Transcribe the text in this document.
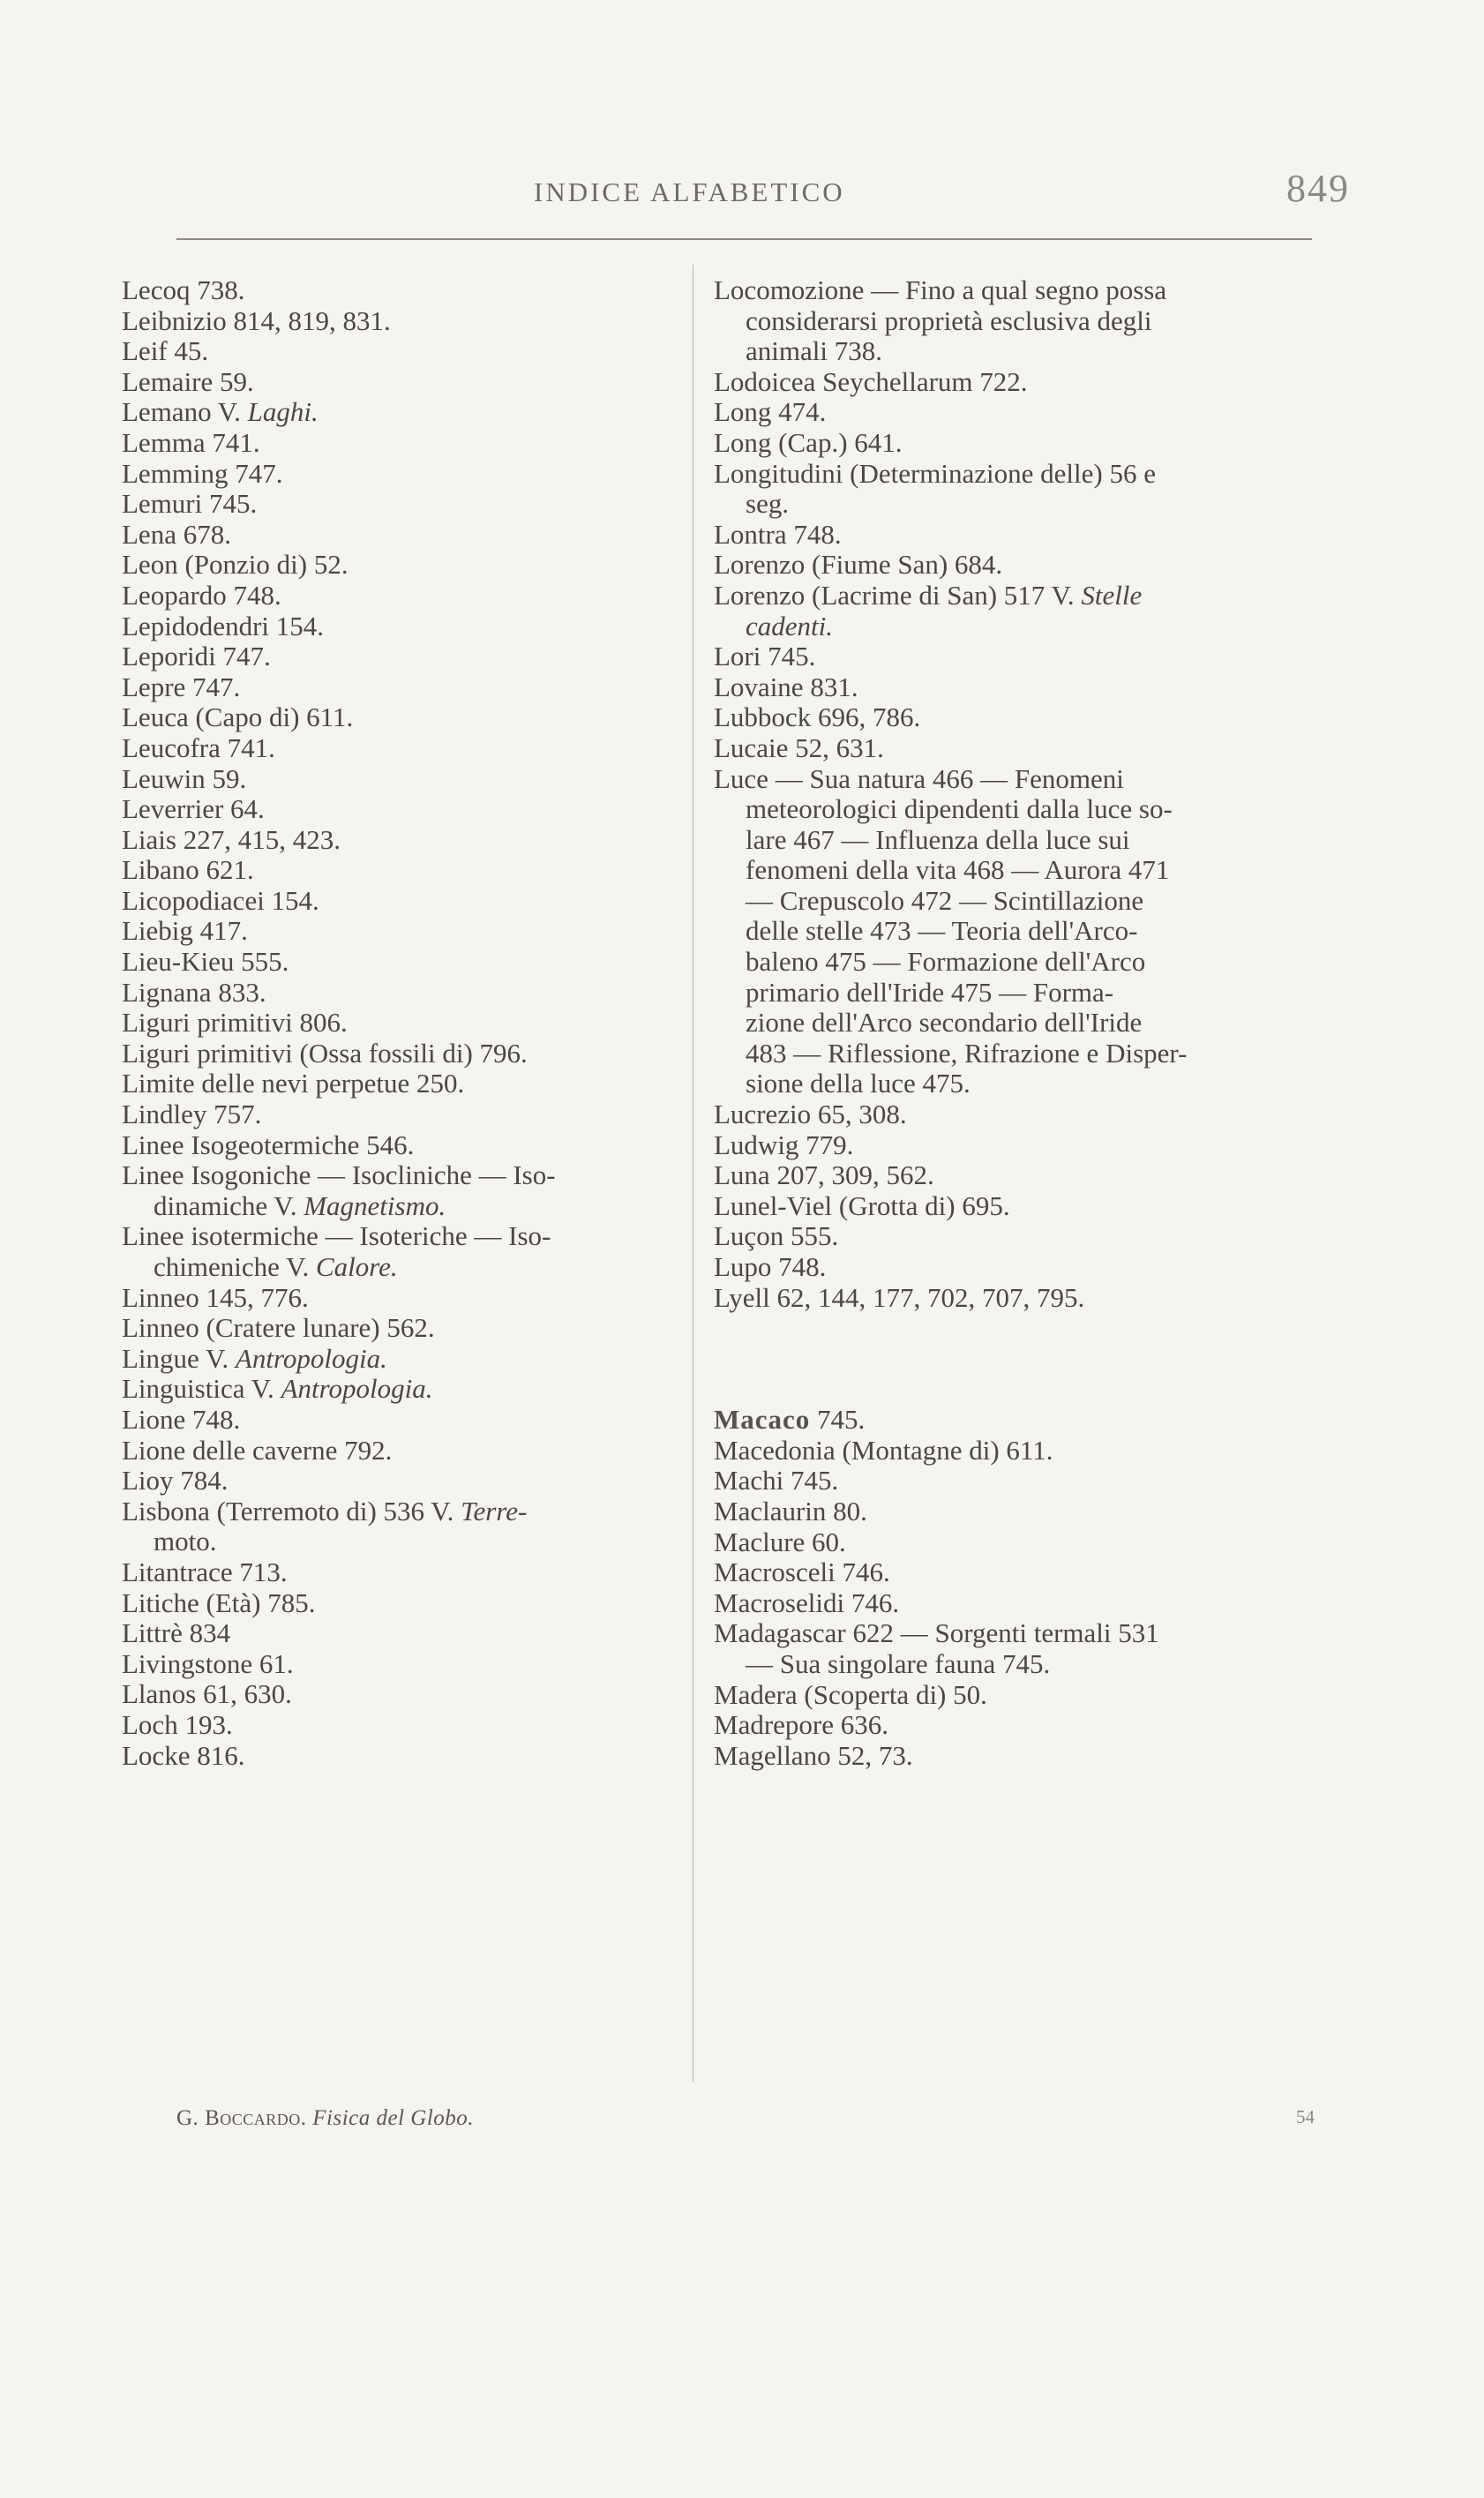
INDICE ALFABETICO	849
Lecoq 738.
Leibnizio 814, 819, 831.
Leif 45.
Lemaire 59.
Lemano V. Laghi.
Lemma 741.
Lemming 747.
Lemuri 745.
Lena 678.
Leon (Ponzio di) 52.
Leopardo 748.
Lepidodendri 154.
Leporidi 747.
Lepre 747.
Leuca (Capo di) 611.
Leucofra 741.
Leuwin 59.
Leverrier 64.
Liais 227, 415, 423.
Libano 621.
Licopodiacei 154.
Liebig 417.
Lieu-Kieu 555.
Lignana 833.
Liguri primitivi 806.
Liguri primitivi (Ossa fossili di) 796.
Limite delle nevi perpetue 250.
Lindley 757.
Linee Isogeotermiche 546.
Linee Isogoniche — Isocliniche — Iso-
dinamiche V. Magnetismo.
Linee isotermiche — Isoteriche — Iso-
chimeniche V. Calore.
Linneo 145, 776.
Linneo (Cratere lunare) 562.
Lingue V. Antropologia.
Linguistica V. Antropologia.
Lione 748.
Lione delle caverne 792.
Lioy 784.
Lisbona (Terremoto di) 536 V. Terre-
moto.
Litantrace 713.
Litiche (Età) 785.
Littrè 834
Livingstone 61.
Llanos 61, 630.
Loch 193.
Locke 816.
Locomozione — Fino a qual segno possa
considerarsi proprietà esclusiva degli
animali 738.
Lodoicea Seychellarum 722.
Long 474.
Long (Cap.) 641.
Longitudini (Determinazione delle) 56 e
seg.
Lontra 748.
Lorenzo (Fiume San) 684.
Lorenzo (Lacrime di San) 517 V. Stelle
cadenti.
Lori 745.
Lovaine 831.
Lubbock 696, 786.
Lucaie 52, 631.
Luce — Sua natura 466 — Fenomeni
meteorologici dipendenti dalla luce so-
lare 467 — Influenza della luce sui
fenomeni della vita 468 — Aurora 471
— Crepuscolo 472 — Scintillazione
delle stelle 473 — Teoria dell'Arco-
baleno 475 — Formazione dell'Arco
primario dell'Iride 475 — Forma-
zione dell'Arco secondario dell'Iride
483 — Riflessione, Rifrazione e Disper-
sione della luce 475.
Lucrezio 65, 308.
Ludwig 779.
Luna 207, 309, 562.
Lunel-Viel (Grotta di) 695.
Luçon 555.
Lupo 748.
Lyell 62, 144, 177, 702, 707, 795.
Macaco 745.
Macedonia (Montagne di) 611.
Machi 745.
Maclaurin 80.
Maclure 60.
Macrosceli 746.
Macroselidi 746.
Madagascar 622 — Sorgenti termali 531
— Sua singolare fauna 745.
Madera (Scoperta di) 50.
Madrepore 636.
Magellano 52, 73.
G. Boccardo. Fisica del Globo.	54
